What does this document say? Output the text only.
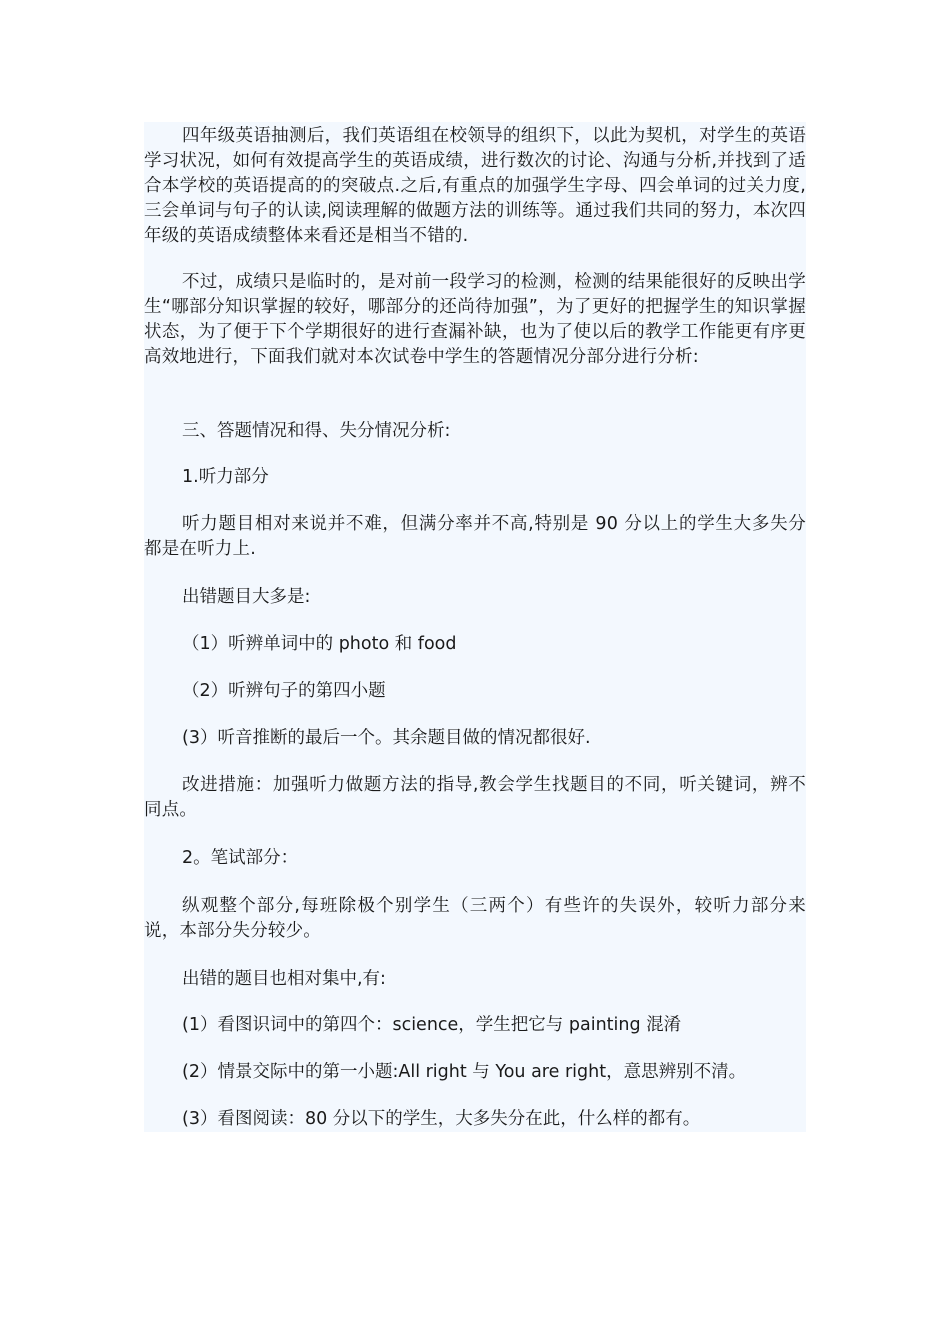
四年级英语抽测后，我们英语组在校领导的组织下，以此为契机，对学生的英语学习状况，如何有效提高学生的英语成绩，进行数次的讨论、沟通与分析,并找到了适合本学校的英语提高的的突破点.之后,有重点的加强学生字母、四会单词的过关力度,三会单词与句子的认读,阅读理解的做题方法的训练等。通过我们共同的努力，本次四年级的英语成绩整体来看还是相当不错的.

不过，成绩只是临时的，是对前一段学习的检测，检测的结果能很好的反映出学生“哪部分知识掌握的较好，哪部分的还尚待加强”，为了更好的把握学生的知识掌握状态，为了便于下个学期很好的进行查漏补缺，也为了使以后的教学工作能更有序更高效地进行，下面我们就对本次试卷中学生的答题情况分部分进行分析:

三、答题情况和得、失分情况分析:

1.听力部分

听力题目相对来说并不难，但满分率并不高,特别是 90 分以上的学生大多失分都是在听力上.

出错题目大多是:

（1）听辨单词中的 photo 和 food

（2）听辨句子的第四小题

(3）听音推断的最后一个。其余题目做的情况都很好.

改进措施：加强听力做题方法的指导,教会学生找题目的不同，听关键词，辨不同点。

2。笔试部分：

纵观整个部分,每班除极个别学生（三两个）有些许的失误外，较听力部分来说，本部分失分较少。

出错的题目也相对集中,有:

(1）看图识词中的第四个：science，学生把它与 painting 混淆

(2）情景交际中的第一小题:All right 与 You are right，意思辨别不清。

(3）看图阅读：80 分以下的学生，大多失分在此，什么样的都有。
